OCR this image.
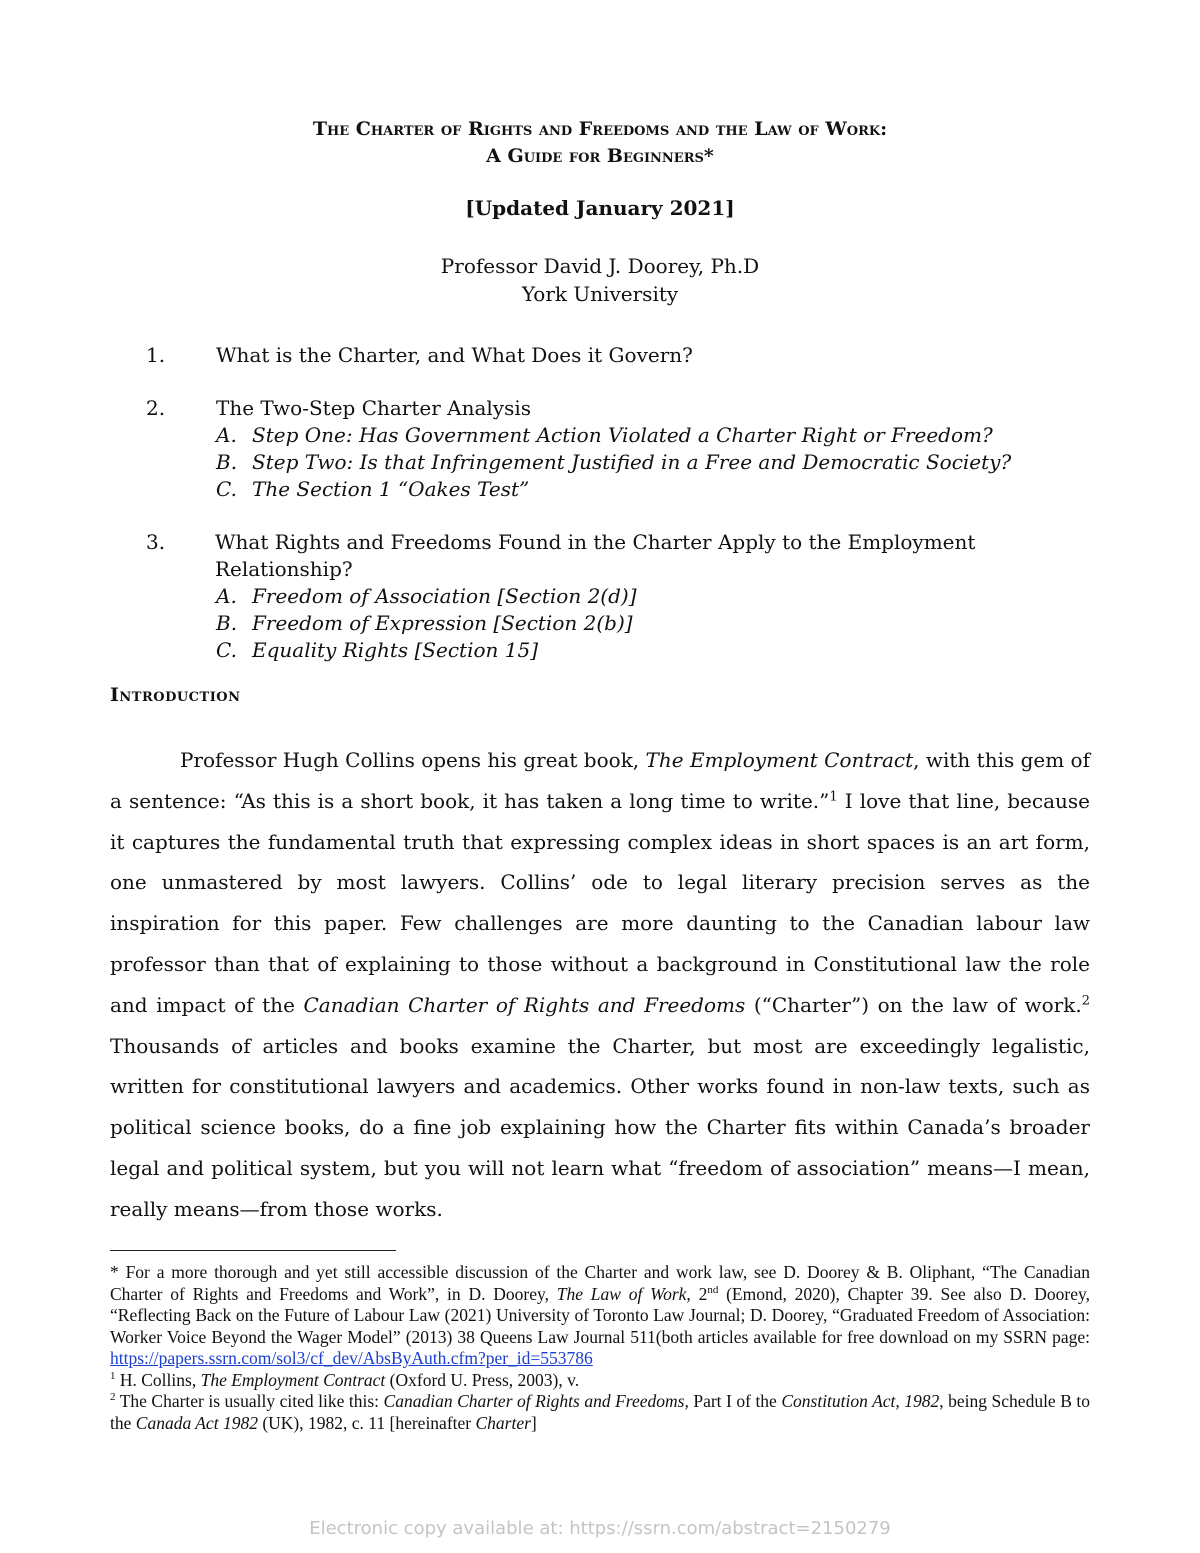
The Charter of Rights and Freedoms and the Law of Work:
A Guide for Beginners*
[Updated January 2021]
Professor David J. Doorey, Ph.D
York University
1.	What is the Charter, and What Does it Govern?
2.	The Two-Step Charter Analysis
A. Step One: Has Government Action Violated a Charter Right or Freedom?
B. Step Two: Is that Infringement Justified in a Free and Democratic Society?
C. The Section 1 “Oakes Test”
3.	What Rights and Freedoms Found in the Charter Apply to the Employment Relationship?
A. Freedom of Association [Section 2(d)]
B. Freedom of Expression [Section 2(b)]
C. Equality Rights [Section 15]
Introduction

Professor Hugh Collins opens his great book, The Employment Contract, with this gem of a sentence: “As this is a short book, it has taken a long time to write.”$^1$ I love that line, because it captures the fundamental truth that expressing complex ideas in short spaces is an art form, one unmastered by most lawyers. Collins’ ode to legal literary precision serves as the inspiration for this paper. Few challenges are more daunting to the Canadian labour law professor than that of explaining to those without a background in Constitutional law the role and impact of the Canadian Charter of Rights and Freedoms (“Charter”) on the law of work.$^2$ Thousands of articles and books examine the Charter, but most are exceedingly legalistic, written for constitutional lawyers and academics. Other works found in non-law texts, such as political science books, do a fine job explaining how the Charter fits within Canada’s broader legal and political system, but you will not learn what “freedom of association” means—I mean, really means—from those works.

* For a more thorough and yet still accessible discussion of the Charter and work law, see D. Doorey & B. Oliphant, “The Canadian Charter of Rights and Freedoms and Work”, in D. Doorey, The Law of Work, 2nd (Emond, 2020), Chapter 39. See also D. Doorey, “Reflecting Back on the Future of Labour Law (2021) University of Toronto Law Journal; D. Doorey, “Graduated Freedom of Association: Worker Voice Beyond the Wager Model” (2013) 38 Queens Law Journal 511(both articles available for free download on my SSRN page: https://papers.ssrn.com/sol3/cf_dev/AbsByAuth.cfm?per_id=553786

$^1$ H. Collins, The Employment Contract (Oxford U. Press, 2003), v.

$^2$ The Charter is usually cited like this: Canadian Charter of Rights and Freedoms, Part I of the Constitution Act, 1982, being Schedule B to the Canada Act 1982 (UK), 1982, c. 11 [hereinafter Charter]

Electronic copy available at: https://ssrn.com/abstract=2150279
